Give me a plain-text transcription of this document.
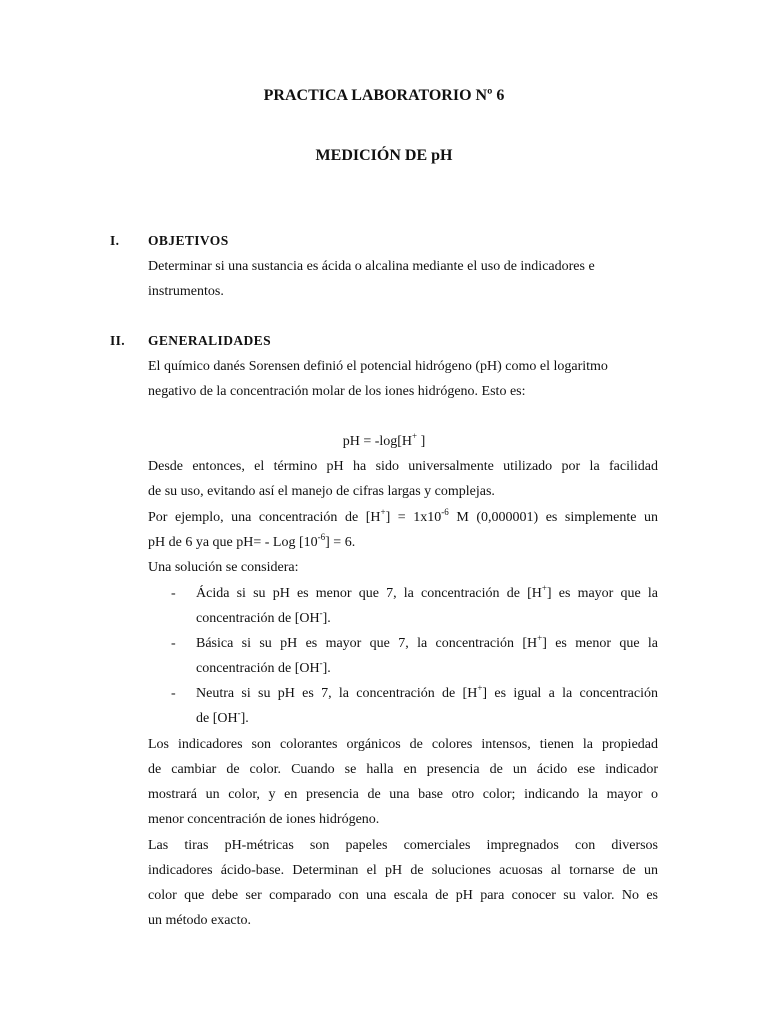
PRACTICA LABORATORIO Nº 6
MEDICIÓN DE pH
I. OBJETIVOS
Determinar si una sustancia es ácida o alcalina mediante el uso de indicadores e
instrumentos.
II. GENERALIDADES
El químico danés Sorensen definió el potencial hidrógeno (pH) como el logaritmo
negativo de la concentración molar de los iones hidrógeno. Esto es:
pH = -log[H+ ]
Desde entonces, el término pH ha sido universalmente utilizado por la facilidad
de su uso, evitando así el manejo de cifras largas y complejas.
Por ejemplo, una concentración de $[H^+] = 1x10^{-6}$ M (0,000001) es simplemente un
pH de 6 ya que pH= - Log $[10^{-6}] = 6$.
Una solución se considera:
- Ácida si su pH es menor que 7, la concentración de [H+] es mayor que la
concentración de [OH-].
- Básica si su pH es mayor que 7, la concentración [H+] es menor que la
concentración de [OH-].
- Neutra si su pH es 7, la concentración de [H+] es igual a la concentración
de [OH-].
Los indicadores son colorantes orgánicos de colores intensos, tienen la propiedad
de cambiar de color. Cuando se halla en presencia de un ácido ese indicador
mostrará un color, y en presencia de una base otro color; indicando la mayor o
menor concentración de iones hidrógeno.
Las tiras pH-métricas son papeles comerciales impregnados con diversos
indicadores ácido-base. Determinan el pH de soluciones acuosas al tornarse de un
color que debe ser comparado con una escala de pH para conocer su valor. No es
un método exacto.
